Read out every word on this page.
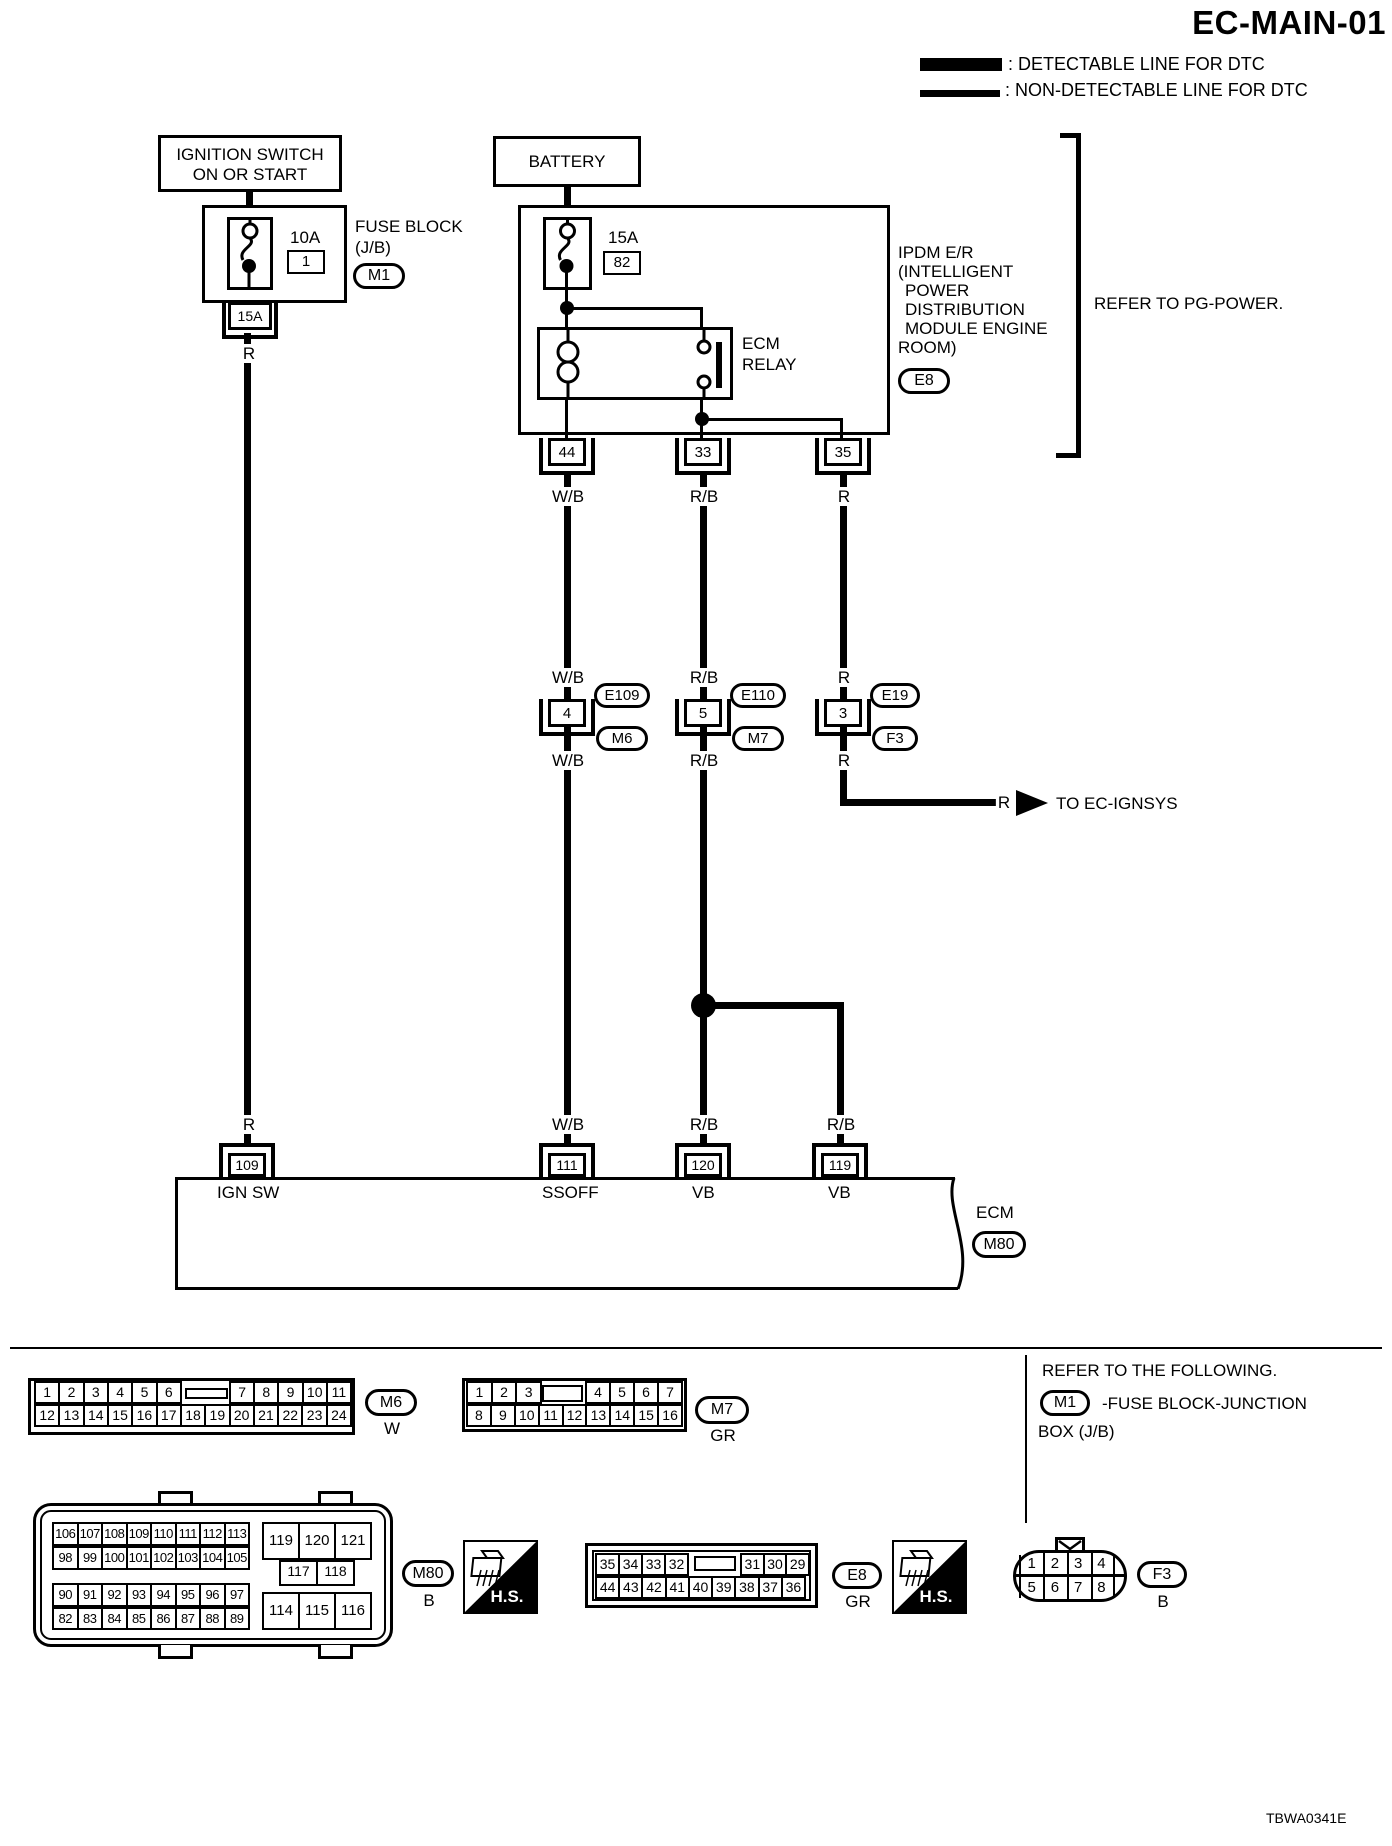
EC-MAIN-01
: DETECTABLE LINE FOR DTC
: NON-DETECTABLE LINE FOR DTC
REFER TO PG-POWER.
IGNITION SWITCH
ON OR START
10A
1
FUSE BLOCK
(J/B)
M1
15A
R
BATTERY
15A
82
ECM
RELAY
IPDM E/R
(INTELLIGENT
POWER
DISTRIBUTION
MODULE ENGINE
ROOM)
E8
44	33	35
W/B	R/B	R
W/B	R/B	R
4
E109
M6
5
E110
M7
3
E19
F3
W/B	R/B	R
R	TO EC-IGNSYS
R	W/B	R/B	R/B
109	111	120	119
IGN SW	SSOFF	VB	VB
ECM
M80
1	2	3	4	5	6	7	8	9 10 11
12 13 14 15 16 17 18 19 20 21 22 23 24
M6
W
1	2	3	4	5	6	7
8	9 10 11 12 13 14 15 16	M7
GR
REFER TO THE FOLLOWING.
M1	-FUSE BLOCK-JUNCTION
BOX (J/B)
106 107 108 109 110 111 112 113
98 99 100 101 102 103 104 105
90 91 92 93 94 95 96 97
82 83 84 85 86 87 88 89
119 120 121
117	118
114 115 116
M80
B	H.S.
35 34 33 32	31 30 29
44 43 42 41 40 39 38 37 36
E8
GR	H.S.
1 2 3 4
5 6 7 8
F3
B
TBWA0341E
